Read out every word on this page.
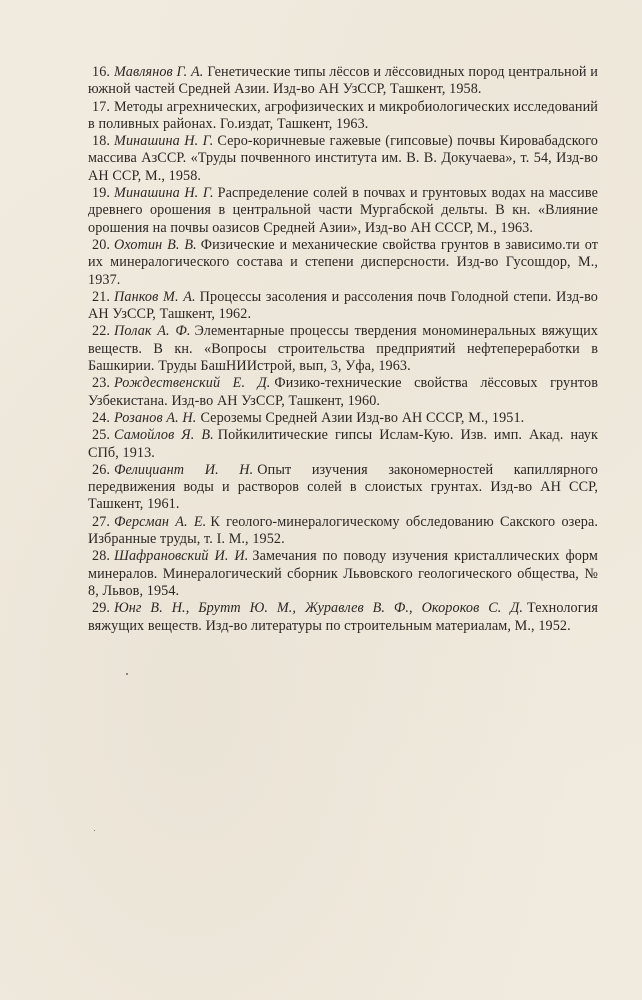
16. Мавлянов Г. А. Генетические типы лёссов и лёссовидных пород центральной и южной частей Средней Азии. Изд-во АН УзССР, Ташкент, 1958.

17. Методы агрехнических, агрофизических и микробиологических исследований в поливных районах. Го.издат, Ташкент, 1963.

18. Минашина Н. Г. Серо-коричневые гажевые (гипсовые) почвы Кировабадского массива АзССР. «Труды почвенного института им. В. В. Докучаева», т. 54, Изд-во АН ССР, М., 1958.

19. Минашина Н. Г. Распределение солей в почвах и грунтовых водах на массиве древнего орошения в центральной части Мургабской дельты. В кн. «Влияние орошения на почвы оазисов Средней Азии», Изд-во АН СССР, М., 1963.

20. Охотин В. В. Физические и механические свойства грунтов в зависимо.ти от их минералогического состава и степени дисперсности. Изд-во Гусошдор, М., 1937.

21. Панков М. А. Процессы засоления и рассоления почв Голодной степи. Изд-во АН УзССР, Ташкент, 1962.

22. Полак А. Ф. Элементарные процессы твердения мономинеральных вяжущих веществ. В кн. «Вопросы строительства предприятий нефтепереработки в Башкирии. Труды БашНИИстрой, вып, 3, Уфа, 1963.

23. Рождественский Е. Д. Физико-технические свойства лёссовых грунтов Узбекистана. Изд-во АН УзССР, Ташкент, 1960.

24. Розанов А. Н. Сероземы Средней Азии Изд-во АН СССР, М., 1951.

25. Самойлов Я. В. Пойкилитические гипсы Ислам-Кую. Изв. имп. Акад. наук СПб, 1913.

26. Фелициант И. Н. Опыт изучения закономерностей капиллярного передвижения воды и растворов солей в слоистых грунтах. Изд-во АН ССР, Ташкент, 1961.

27. Ферсман А. Е. К геолого-минералогическому обследованию Сакского озера. Избранные труды, т. I. М., 1952.

28. Шафрановский И. И. Замечания по поводу изучения кристаллических форм минералов. Минералогический сборник Львовского геологического общества, № 8, Львов, 1954.

29. Юнг В. Н., Брутт Ю. М., Журавлев В. Ф., Окороков С. Д. Технология вяжущих веществ. Изд-во литературы по строительным материалам, М., 1952.
